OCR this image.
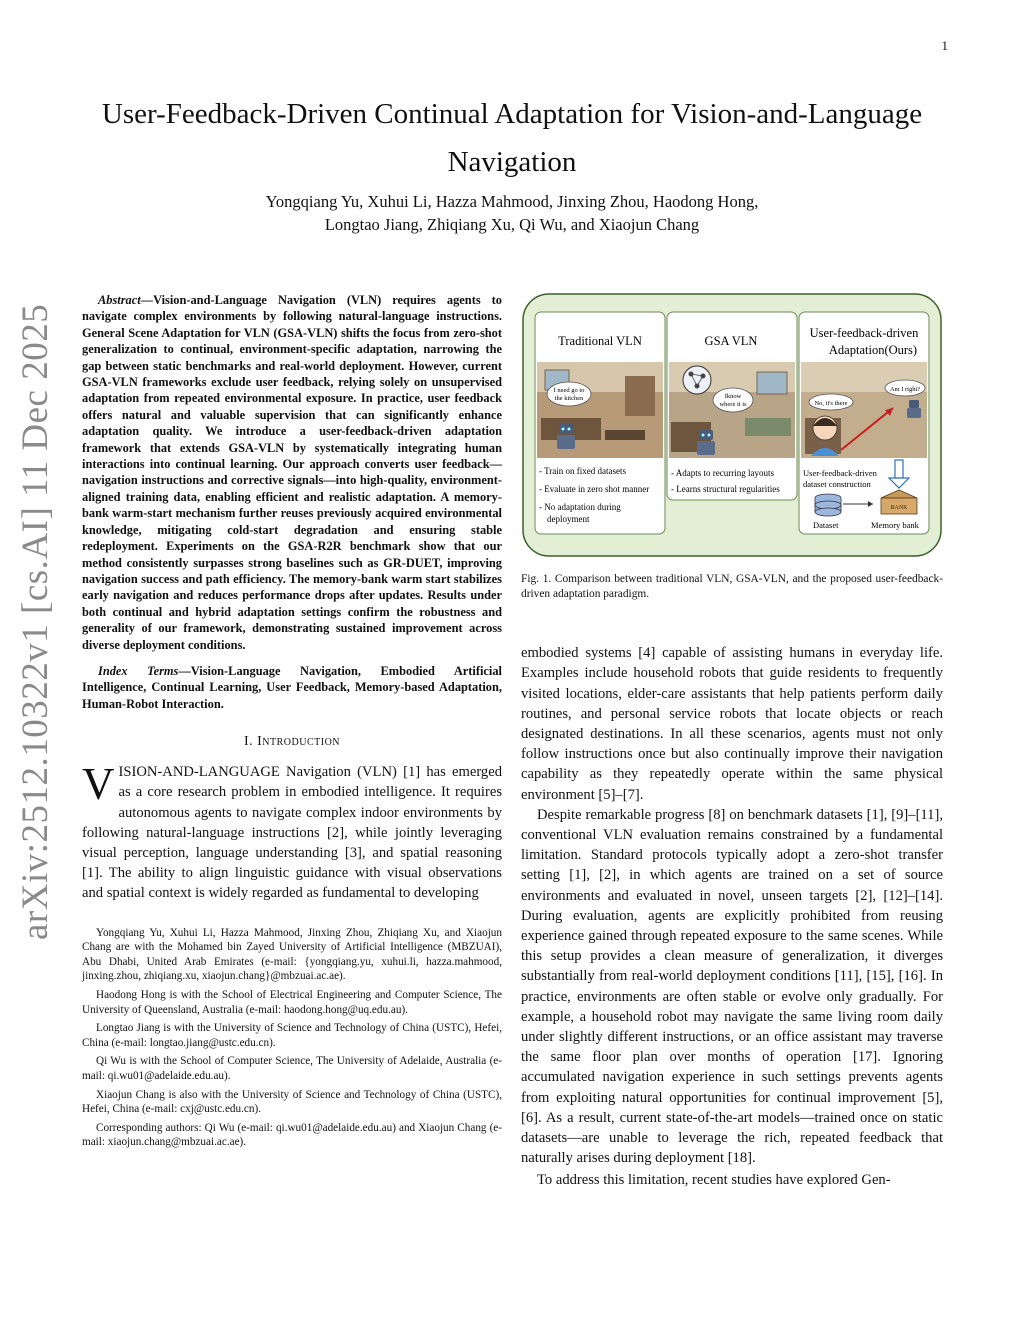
1
arXiv:2512.10322v1 [cs.AI] 11 Dec 2025
User-Feedback-Driven Continual Adaptation for Vision-and-Language Navigation
Yongqiang Yu, Xuhui Li, Hazza Mahmood, Jinxing Zhou, Haodong Hong,
Longtao Jiang, Zhiqiang Xu, Qi Wu, and Xiaojun Chang

Abstract—Vision-and-Language Navigation (VLN) requires agents to navigate complex environments by following natural-language instructions. General Scene Adaptation for VLN (GSA-VLN) shifts the focus from zero-shot generalization to continual, environment-specific adaptation, narrowing the gap between static benchmarks and real-world deployment. However, current GSA-VLN frameworks exclude user feedback, relying solely on unsupervised adaptation from repeated environmental exposure. In practice, user feedback offers natural and valuable supervision that can significantly enhance adaptation quality. We introduce a user-feedback-driven adaptation framework that extends GSA-VLN by systematically integrating human interactions into continual learning. Our approach converts user feedback—navigation instructions and corrective signals—into high-quality, environment-aligned training data, enabling efficient and realistic adaptation. A memory-bank warm-start mechanism further reuses previously acquired environmental knowledge, mitigating cold-start degradation and ensuring stable redeployment. Experiments on the GSA-R2R benchmark show that our method consistently surpasses strong baselines such as GR-DUET, improving navigation success and path efficiency. The memory-bank warm start stabilizes early navigation and reduces performance drops after updates. Results under both continual and hybrid adaptation settings confirm the robustness and generality of our framework, demonstrating sustained improvement across diverse deployment conditions.

Index Terms—Vision-Language Navigation, Embodied Artificial Intelligence, Continual Learning, User Feedback, Memory-based Adaptation, Human-Robot Interaction.

I. Introduction

VISION-AND-LANGUAGE Navigation (VLN) [1] has emerged as a core research problem in embodied intelligence. It requires autonomous agents to navigate complex indoor environments by following natural-language instructions [2], while jointly leveraging visual perception, language understanding [3], and spatial reasoning [1]. The ability to align linguistic guidance with visual observations and spatial context is widely regarded as fundamental to developing

Yongqiang Yu, Xuhui Li, Hazza Mahmood, Jinxing Zhou, Zhiqiang Xu, and Xiaojun Chang are with the Mohamed bin Zayed University of Artificial Intelligence (MBZUAI), Abu Dhabi, United Arab Emirates (e-mail: {yongqiang.yu, xuhui.li, hazza.mahmood, jinxing.zhou, zhiqiang.xu, xiaojun.chang}@mbzuai.ac.ae).

Haodong Hong is with the School of Electrical Engineering and Computer Science, The University of Queensland, Australia (e-mail: haodong.hong@uq.edu.au).

Longtao Jiang is with the University of Science and Technology of China (USTC), Hefei, China (e-mail: longtao.jiang@ustc.edu.cn).

Qi Wu is with the School of Computer Science, The University of Adelaide, Australia (e-mail: qi.wu01@adelaide.edu.au).

Xiaojun Chang is also with the University of Science and Technology of China (USTC), Hefei, China (e-mail: cxj@ustc.edu.cn).

Corresponding authors: Qi Wu (e-mail: qi.wu01@adelaide.edu.au) and Xiaojun Chang (e-mail: xiaojun.chang@mbzuai.ac.ae).

Traditional VLN
I need go to
the kitchen
- Train on fixed datasets
- Evaluate in zero shot manner
- No adaptation during
deployment
GSA VLN
Iknow
where it is
- Adapts to recurring layouts
- Learns structural regularities
User-feedback-driven
Adaptation(Ours)
No, it's there
Am I right?
User-feedback-driven
dataset construction
BANK
Dataset	Memory bank

Fig. 1. Comparison between traditional VLN, GSA-VLN, and the proposed user-feedback-driven adaptation paradigm.

embodied systems [4] capable of assisting humans in everyday life. Examples include household robots that guide residents to frequently visited locations, elder-care assistants that help patients perform daily routines, and personal service robots that locate objects or reach designated destinations. In all these scenarios, agents must not only follow instructions once but also continually improve their navigation capability as they repeatedly operate within the same physical environment [5]–[7].

Despite remarkable progress [8] on benchmark datasets [1], [9]–[11], conventional VLN evaluation remains constrained by a fundamental limitation. Standard protocols typically adopt a zero-shot transfer setting [1], [2], in which agents are trained on a set of source environments and evaluated in novel, unseen targets [2], [12]–[14]. During evaluation, agents are explicitly prohibited from reusing experience gained through repeated exposure to the same scenes. While this setup provides a clean measure of generalization, it diverges substantially from real-world deployment conditions [11], [15], [16]. In practice, environments are often stable or evolve only gradually. For example, a household robot may navigate the same living room daily under slightly different instructions, or an office assistant may traverse the same floor plan over months of operation [17]. Ignoring accumulated navigation experience in such settings prevents agents from exploiting natural opportunities for continual improvement [5], [6]. As a result, current state-of-the-art models—trained once on static datasets—are unable to leverage the rich, repeated feedback that naturally arises during deployment [18].

To address this limitation, recent studies have explored Gen-
